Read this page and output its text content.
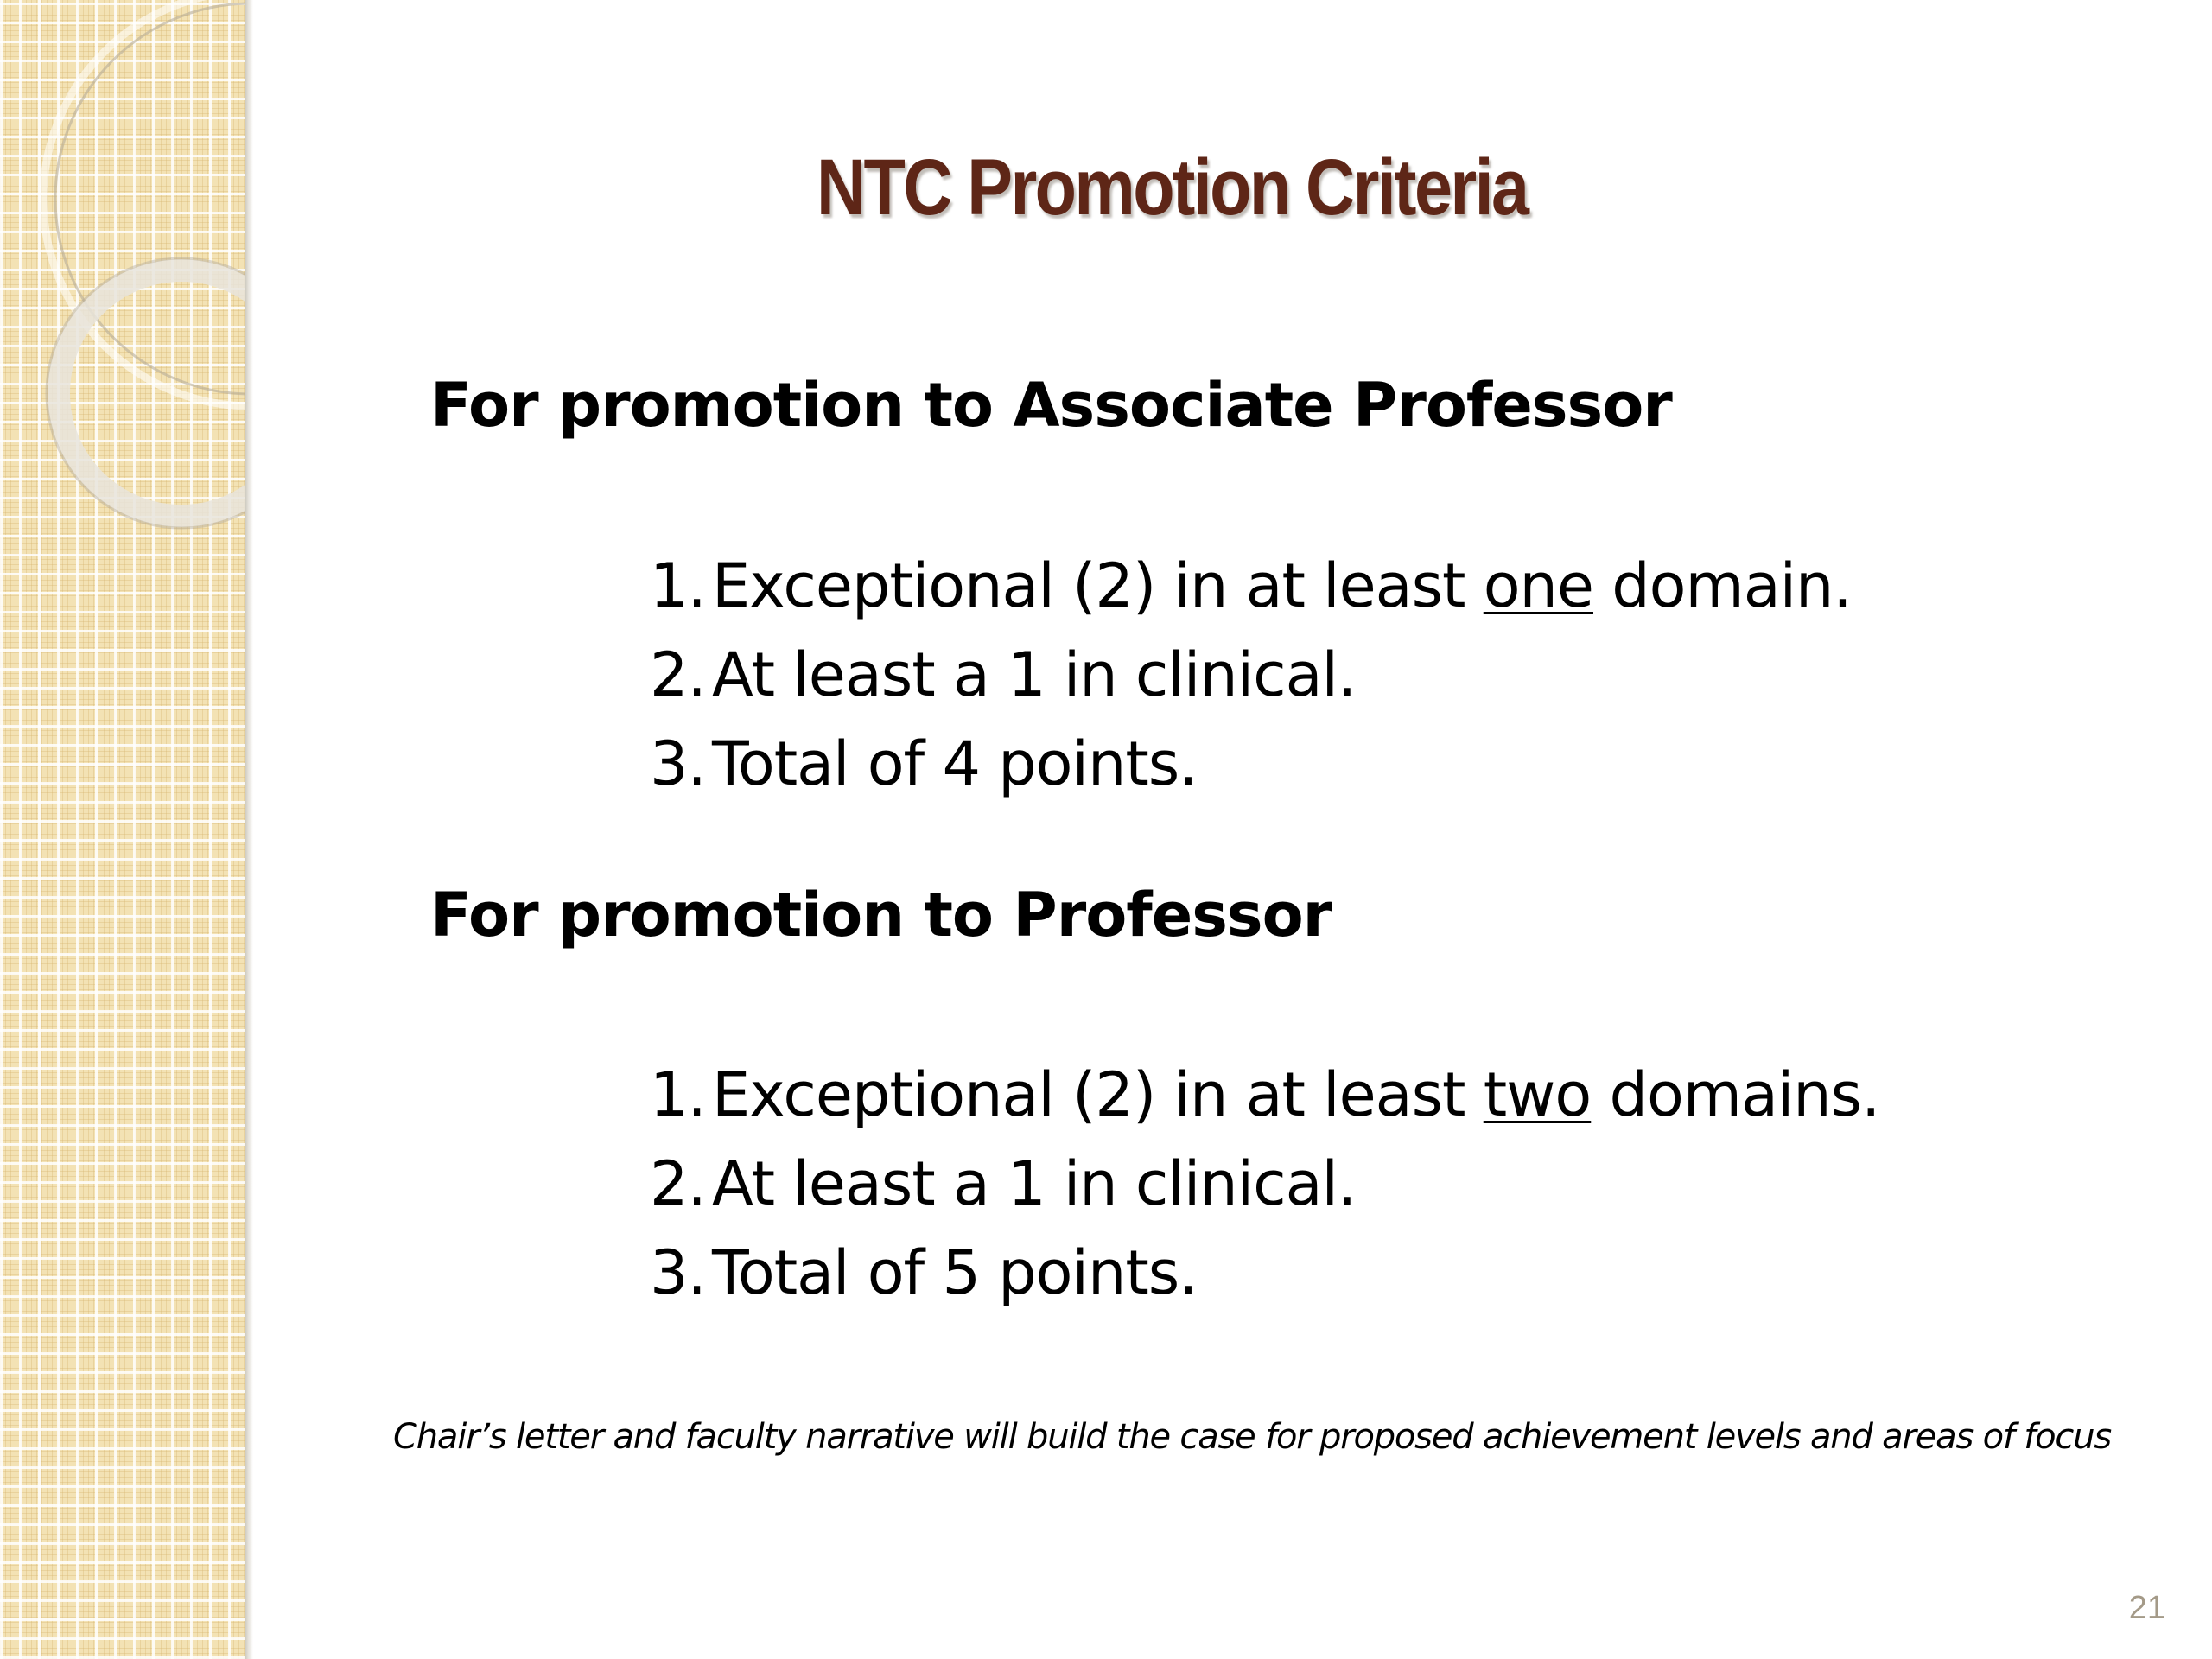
NTC Promotion Criteria
For promotion to Associate Professor
1. Exceptional (2) in at least one domain.
2. At least a 1 in clinical.
3. Total of 4 points.
For promotion to Professor
1. Exceptional (2) in at least two domains.
2. At least a 1 in clinical.
3. Total of 5 points.
Chair’s letter and faculty narrative will build the case for proposed achievement levels and areas of focus
21
